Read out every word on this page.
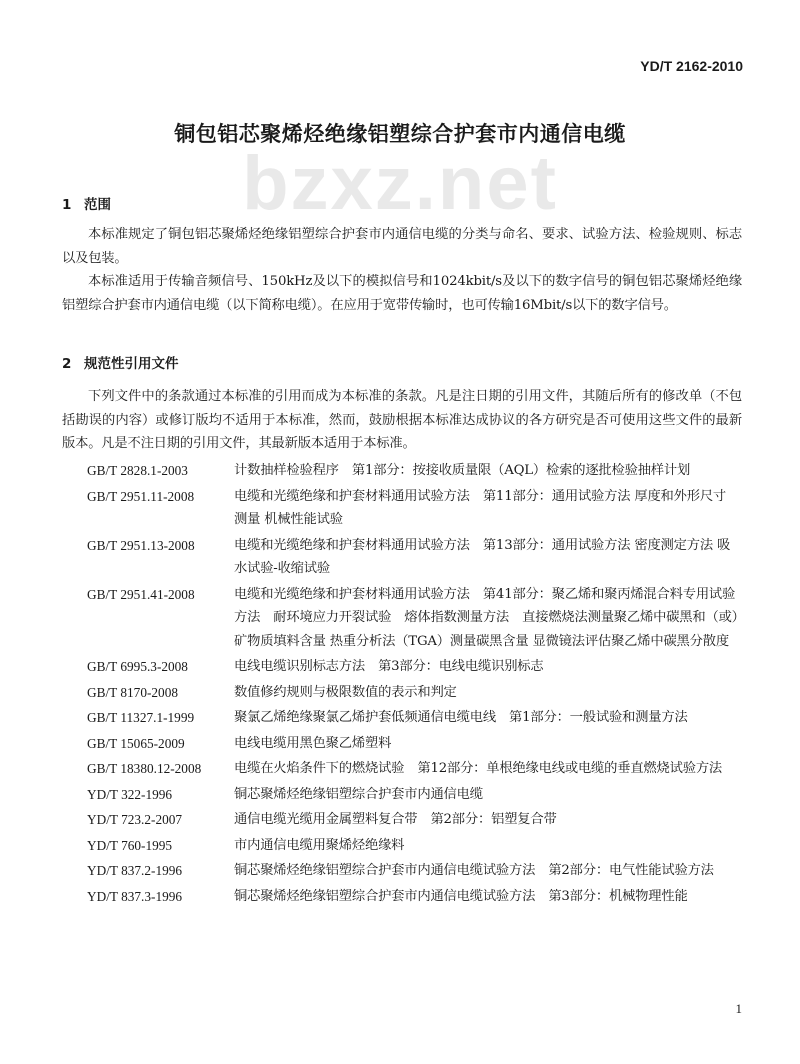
bzxz.net
YD/T 2162-2010
铜包铝芯聚烯烃绝缘铝塑综合护套市内通信电缆
1 范围
本标准规定了铜包铝芯聚烯烃绝缘铝塑综合护套市内通信电缆的分类与命名、要求、试验方法、检验规则、标志以及包装。
本标准适用于传输音频信号、150kHz及以下的模拟信号和1024kbit/s及以下的数字信号的铜包铝芯聚烯烃绝缘铝塑综合护套市内通信电缆（以下简称电缆）。在应用于宽带传输时，也可传输16Mbit/s以下的数字信号。
2 规范性引用文件
下列文件中的条款通过本标准的引用而成为本标准的条款。凡是注日期的引用文件，其随后所有的修改单（不包括勘误的内容）或修订版均不适用于本标准，然而，鼓励根据本标准达成协议的各方研究是否可使用这些文件的最新版本。凡是不注日期的引用文件，其最新版本适用于本标准。
GB/T 2828.1-2003	计数抽样检验程序　第1部分：按接收质量限（AQL）检索的逐批检验抽样计划
GB/T 2951.11-2008	电缆和光缆绝缘和护套材料通用试验方法　第11部分：通用试验方法 厚度和外形尺寸测量 机械性能试验
GB/T 2951.13-2008	电缆和光缆绝缘和护套材料通用试验方法　第13部分：通用试验方法 密度测定方法 吸水试验-收缩试验
GB/T 2951.41-2008	电缆和光缆绝缘和护套材料通用试验方法　第41部分：聚乙烯和聚丙烯混合料专用试验方法　耐环境应力开裂试验　熔体指数测量方法　直接燃烧法测量聚乙烯中碳黑和（或）矿物质填料含量 热重分析法（TGA）测量碳黑含量 显微镜法评估聚乙烯中碳黑分散度
GB/T 6995.3-2008	电线电缆识别标志方法　第3部分：电线电缆识别标志
GB/T 8170-2008	数值修约规则与极限数值的表示和判定
GB/T 11327.1-1999	聚氯乙烯绝缘聚氯乙烯护套低频通信电缆电线　第1部分：一般试验和测量方法
GB/T 15065-2009	电线电缆用黑色聚乙烯塑料
GB/T 18380.12-2008	电缆在火焰条件下的燃烧试验　第12部分：单根绝缘电线或电缆的垂直燃烧试验方法
YD/T 322-1996	铜芯聚烯烃绝缘铝塑综合护套市内通信电缆
YD/T 723.2-2007	通信电缆光缆用金属塑料复合带　第2部分：铝塑复合带
YD/T 760-1995	市内通信电缆用聚烯烃绝缘料
YD/T 837.2-1996	铜芯聚烯烃绝缘铝塑综合护套市内通信电缆试验方法　第2部分：电气性能试验方法
YD/T 837.3-1996	铜芯聚烯烃绝缘铝塑综合护套市内通信电缆试验方法　第3部分：机械物理性能
1
